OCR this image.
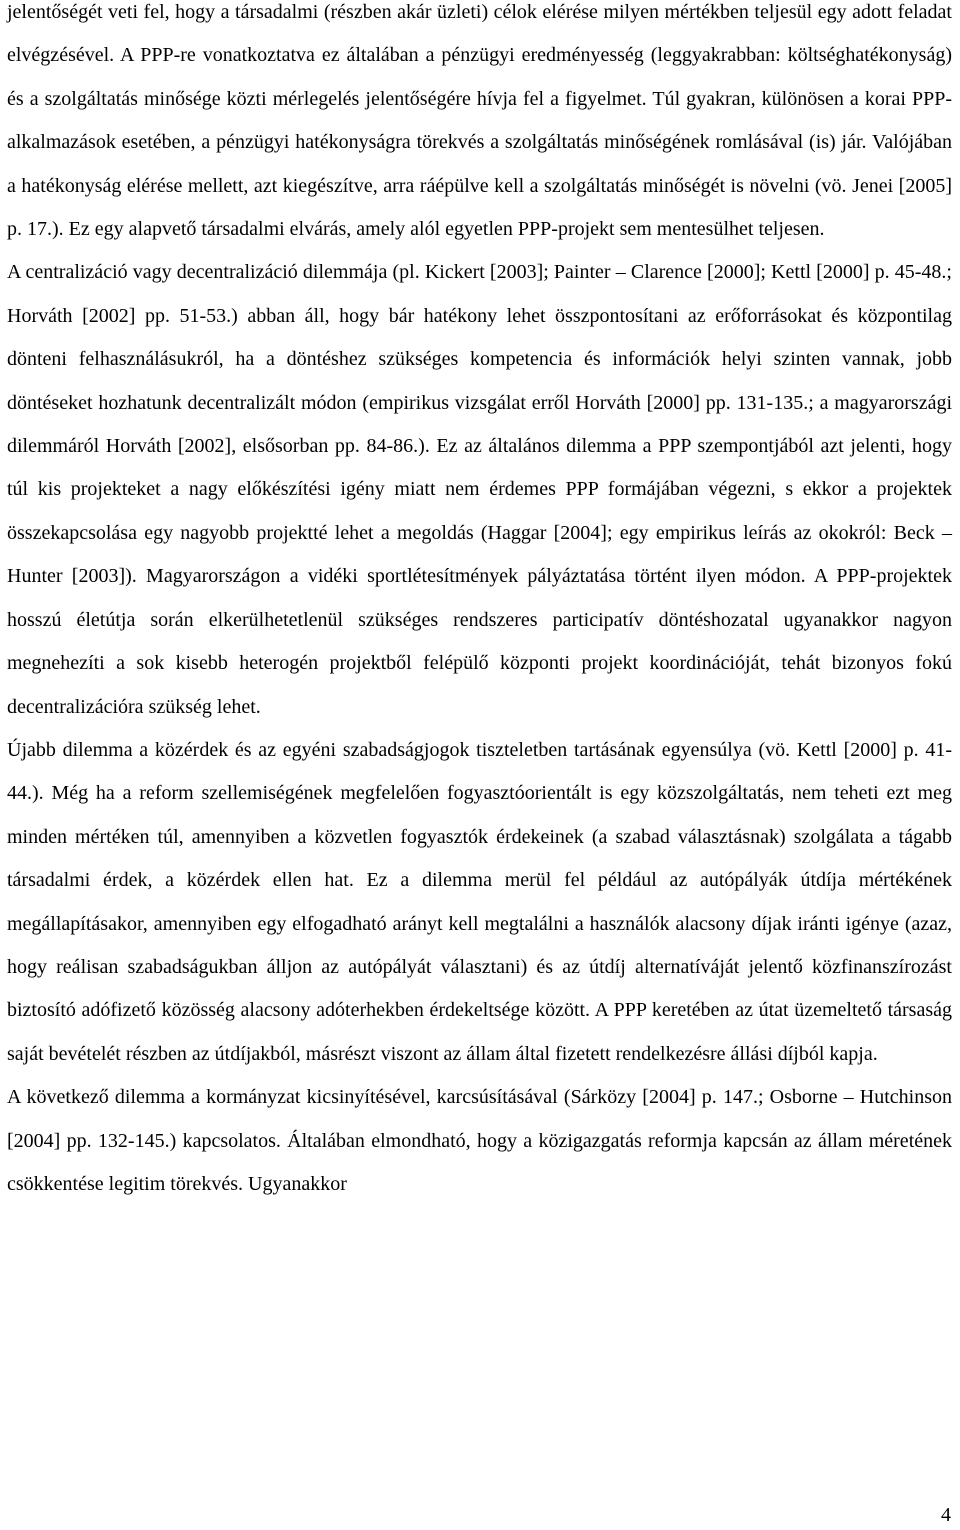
jelentőségét veti fel, hogy a társadalmi (részben akár üzleti) célok elérése milyen mértékben teljesül egy adott feladat elvégzésével. A PPP-re vonatkoztatva ez általában a pénzügyi eredményesség (leggyakrabban: költséghatékonyság) és a szolgáltatás minősége közti mérlegelés jelentőségére hívja fel a figyelmet. Túl gyakran, különösen a korai PPP-alkalmazások esetében, a pénzügyi hatékonyságra törekvés a szolgáltatás minőségének romlásával (is) jár. Valójában a hatékonyság elérése mellett, azt kiegészítve, arra ráépülve kell a szolgáltatás minőségét is növelni (vö. Jenei [2005] p. 17.). Ez egy alapvető társadalmi elvárás, amely alól egyetlen PPP-projekt sem mentesülhet teljesen.

A centralizáció vagy decentralizáció dilemmája (pl. Kickert [2003]; Painter – Clarence [2000]; Kettl [2000] p. 45-48.; Horváth [2002] pp. 51-53.) abban áll, hogy bár hatékony lehet összpontosítani az erőforrásokat és központilag dönteni felhasználásukról, ha a döntéshez szükséges kompetencia és információk helyi szinten vannak, jobb döntéseket hozhatunk decentralizált módon (empirikus vizsgálat erről Horváth [2000] pp. 131-135.; a magyarországi dilemmáról Horváth [2002], elsősorban pp. 84-86.). Ez az általános dilemma a PPP szempontjából azt jelenti, hogy túl kis projekteket a nagy előkészítési igény miatt nem érdemes PPP formájában végezni, s ekkor a projektek összekapcsolása egy nagyobb projektté lehet a megoldás (Haggar [2004]; egy empirikus leírás az okokról: Beck – Hunter [2003]). Magyarországon a vidéki sportlétesítmények pályáztatása történt ilyen módon. A PPP-projektek hosszú életútja során elkerülhetetlenül szükséges rendszeres participatív döntéshozatal ugyanakkor nagyon megnehezíti a sok kisebb heterogén projektből felépülő központi projekt koordinációját, tehát bizonyos fokú decentralizációra szükség lehet.

Újabb dilemma a közérdek és az egyéni szabadságjogok tiszteletben tartásának egyensúlya (vö. Kettl [2000] p. 41-44.). Még ha a reform szellemiségének megfelelően fogyasztóorientált is egy közszolgáltatás, nem teheti ezt meg minden mértéken túl, amennyiben a közvetlen fogyasztók érdekeinek (a szabad választásnak) szolgálata a tágabb társadalmi érdek, a közérdek ellen hat. Ez a dilemma merül fel például az autópályák útdíja mértékének megállapításakor, amennyiben egy elfogadható arányt kell megtalálni a használók alacsony díjak iránti igénye (azaz, hogy reálisan szabadságukban álljon az autópályát választani) és az útdíj alternatíváját jelentő közfinanszírozást biztosító adófizető közösség alacsony adóterhekben érdekeltsége között. A PPP keretében az útat üzemeltető társaság saját bevételét részben az útdíjakból, másrészt viszont az állam által fizetett rendelkezésre állási díjból kapja.

A következő dilemma a kormányzat kicsinyítésével, karcsúsításával (Sárközy [2004] p. 147.; Osborne – Hutchinson [2004] pp. 132-145.) kapcsolatos. Általában elmondható, hogy a közigazgatás reformja kapcsán az állam méretének csökkentése legitim törekvés. Ugyanakkor

4
